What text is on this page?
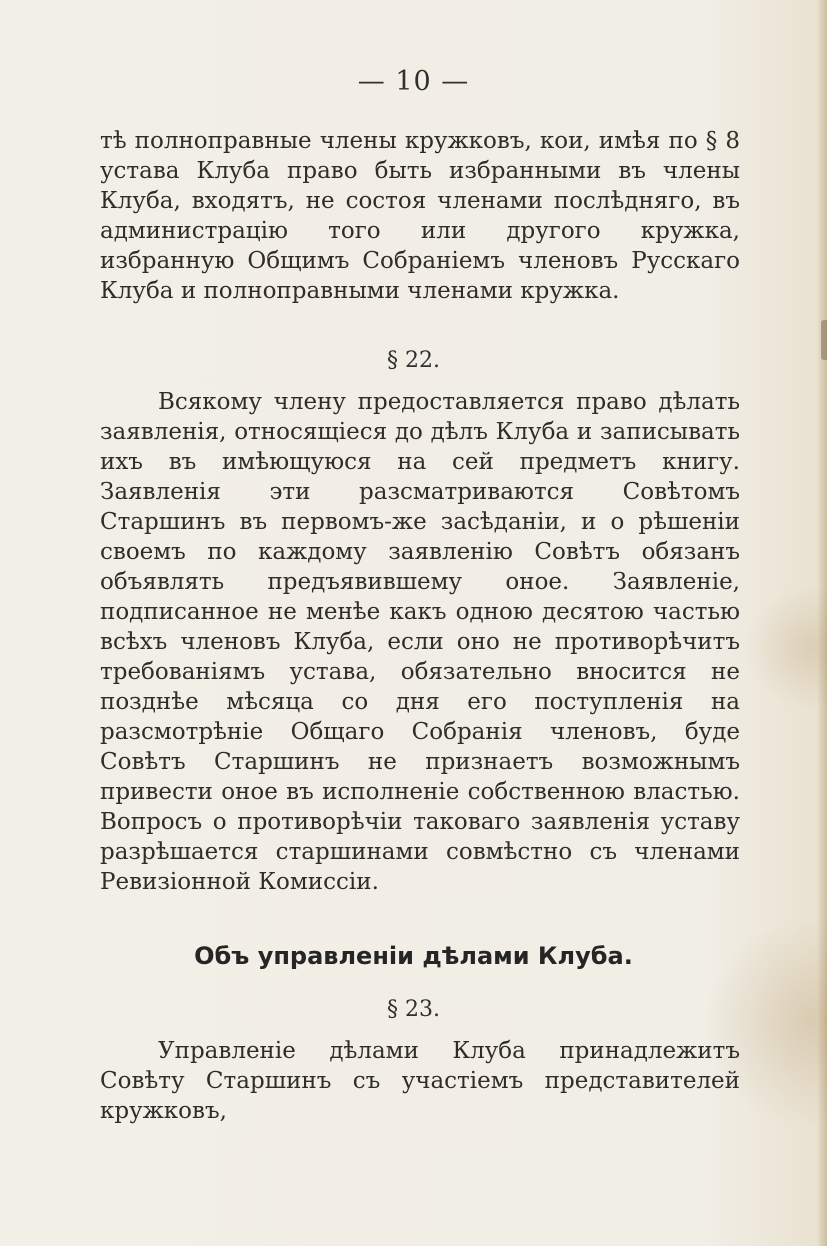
— 10 —

тѣ полноправные члены кружковъ, кои, имѣя по § 8 устава Клуба право быть избранными въ члены Клуба, входятъ, не состоя членами послѣдняго, въ администрацію того или другого кружка, избранную Общимъ Собраніемъ членовъ Русскаго Клуба и полноправными членами кружка.

§ 22.

Всякому члену предоставляется право дѣлать заявленія, относящіеся до дѣлъ Клуба и записывать ихъ въ имѣющуюся на сей предметъ книгу. Заявленія эти разсматриваются Совѣтомъ Старшинъ въ первомъ-же засѣданіи, и о рѣшеніи своемъ по каждому заявленію Совѣтъ обязанъ объявлять предъявившему оное. Заявленіе, подписанное не менѣе какъ одною десятою частью всѣхъ членовъ Клуба, если оно не противорѣчитъ требованіямъ устава, обязательно вносится не позднѣе мѣсяца со дня его поступленія на разсмотрѣніе Общаго Собранія членовъ, буде Совѣтъ Старшинъ не признаетъ возможнымъ привести оное въ исполненіе собственною властью. Вопросъ о противорѣчіи таковаго заявленія уставу разрѣшается старшинами совмѣстно съ членами Ревизіонной Комиссіи.

Объ управленіи дѣлами Клуба.
§ 23.

Управленіе дѣлами Клуба принадлежитъ Совѣту Старшинъ съ участіемъ представителей кружковъ,
